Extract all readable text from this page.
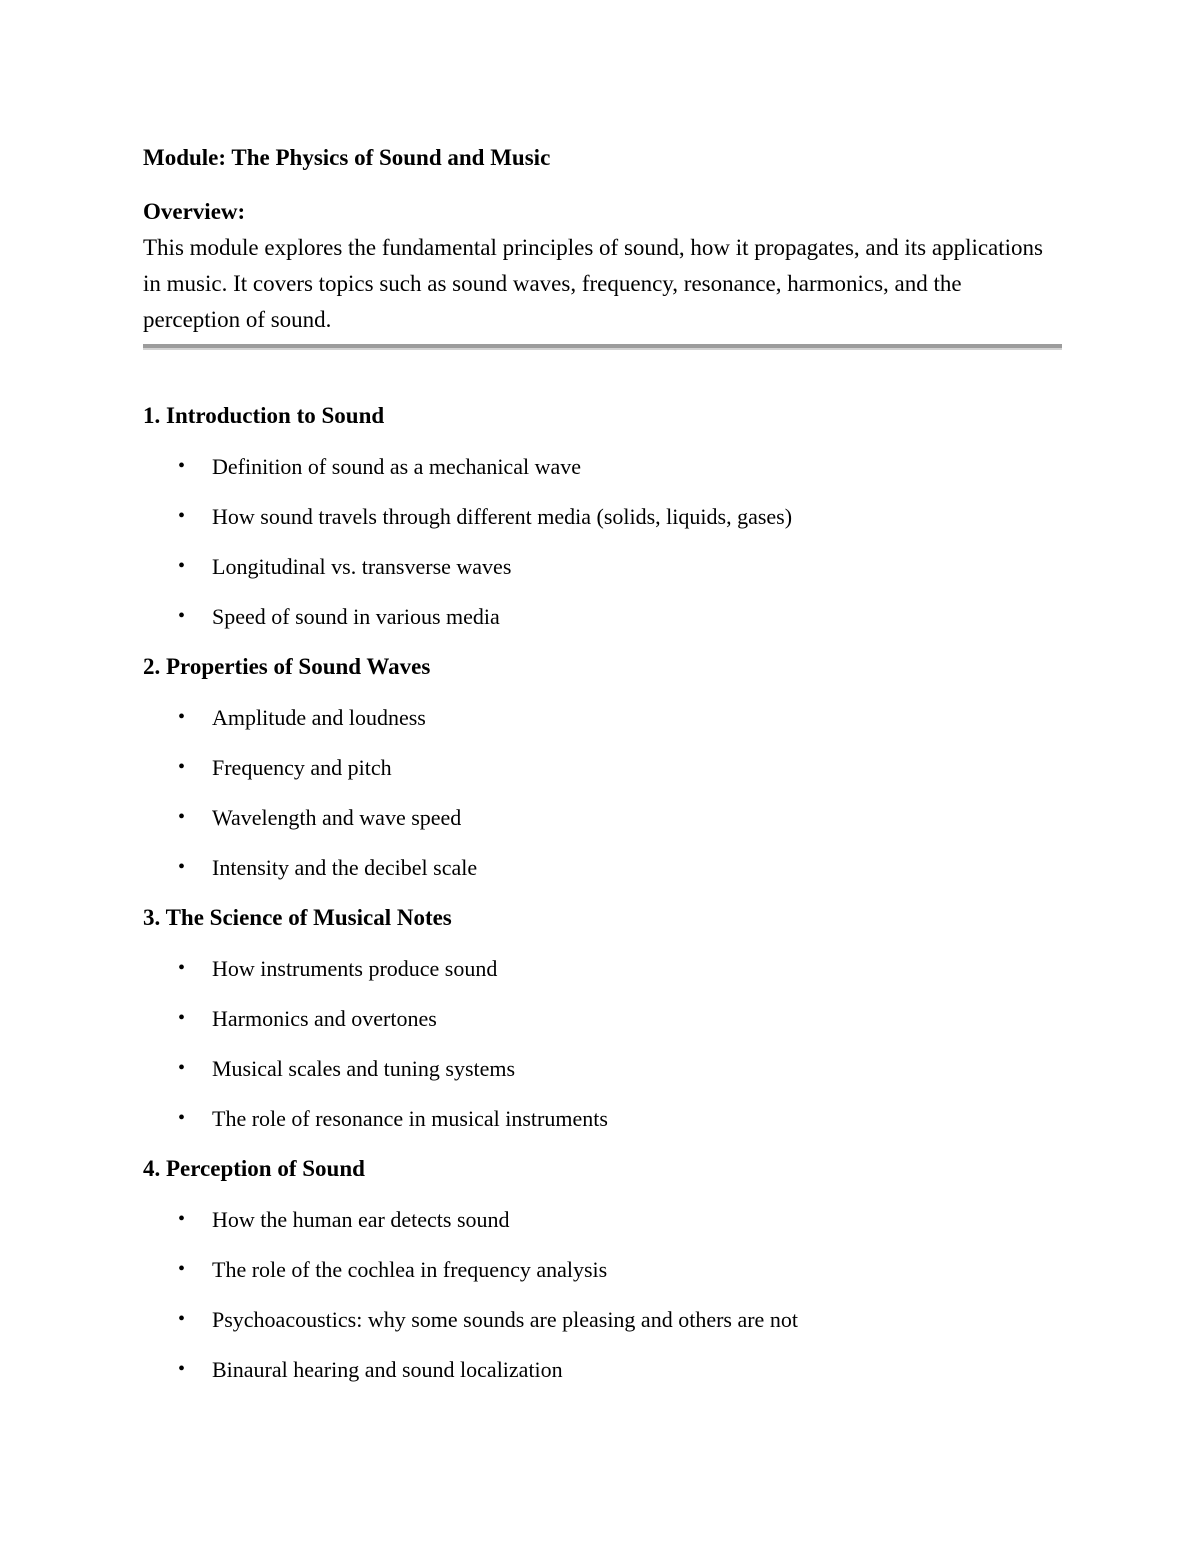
Module: The Physics of Sound and Music
Overview:
This module explores the fundamental principles of sound, how it propagates, and its applications in music. It covers topics such as sound waves, frequency, resonance, harmonics, and the perception of sound.
1. Introduction to Sound
•	Definition of sound as a mechanical wave
•	How sound travels through different media (solids, liquids, gases)
•	Longitudinal vs. transverse waves
•	Speed of sound in various media
2. Properties of Sound Waves
•	Amplitude and loudness
•	Frequency and pitch
•	Wavelength and wave speed
•	Intensity and the decibel scale
3. The Science of Musical Notes
•	How instruments produce sound
•	Harmonics and overtones
•	Musical scales and tuning systems
•	The role of resonance in musical instruments
4. Perception of Sound
•	How the human ear detects sound
•	The role of the cochlea in frequency analysis
•	Psychoacoustics: why some sounds are pleasing and others are not
•	Binaural hearing and sound localization
